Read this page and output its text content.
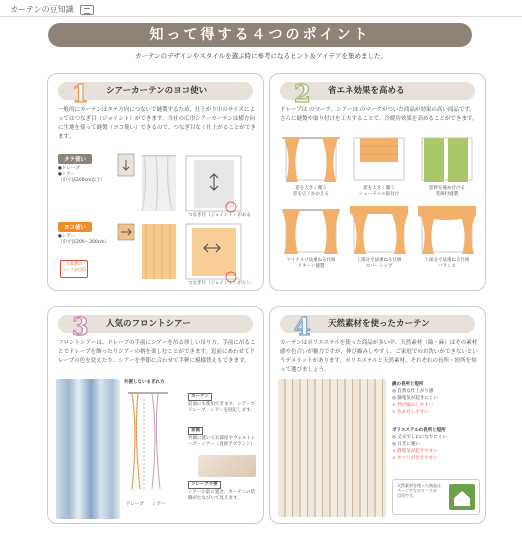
カーテンの豆知識
知って得する４つのポイント
カーテンのデザインやスタイルを選ぶ時に参考になるヒント＆アイデアを集めました。
1 シアーカーテンのヨコ使い
一般的にカーテンはタテ方向につないで縫製するため、仕上がり巾のサイズによってはつなぎ目（ジョイント）ができます。当社の広巾シアーカーテンは横方向に生地を使って縫製（ヨコ使い）できるので、つなぎ目なく仕上がることができます。
タテ使い
●ドレープ
●シアー
（巾寸法200cm以上）
ヨコ使い
●シアー
（巾寸法200～300cm）
日本製の
マークが目印
つなぎ目（ジョイント）がある
つなぎ目（ジョイント）がない
2 省エネ効果を高める
ドレープは のマーク、シアーは のマークがついた商品が効果の高い商品です。さらに縫製や取り付けを工夫することで、冷暖房効果を高めることができます。
窓を大きく覆う
窓を広くかかえる
窓を大きく覆う
シェード＋の取付け
窓枠を縫め付ける
装飾付縫製
マイナス寸法重ねる仕組
リターン縫製
上部分寸法重ねる仕組
カバートップ
上部分寸法重ねる仕組
バランス
3 人気のフロントシアー
フロントシアーは、ドレープの手前にシアーを吊る珍しい吊り方。手前に吊ることでドレープを飾ったりシアーの柄を楽しむことができます。窓前にあわせてドレープの色を変えたり、シアーを季節に合わせて手軽に模様替えもできます。
外側しないまぎれ方
ドレープ シアー
カーテン
前面にも使用できます。シアーでドレープ・シアーを固定します。
窓側
外側に置いてお部屋やウォルトレープ・シアー（直接アプランシ）
ドレープ不要
シアーの前に置き、カーテンの装飾がたなびいて見えます。
4 天然素材を使ったカーテン
カーテンはポリエステルを使った商品が多い中、天然素材（綿・麻）はその素材感や色合いが魅力ですが、伸び縮みしやすく、ご家庭でのお洗いができないというデメリットがあります。ポリエステルと天然素材、それぞれの長所・短所を知って選びましょう。
綿の長所と短所
◎ 自然な仕上がり感
◎ 静電気が起きにくい
× 伸び縮みしやすい
× 色あせしやすい
ポリエステルの長所と短所
◎ 丈夫でしわになりにくい
◎ 日光に強い
× 静電気が起きやすい
× ホコリが付きやすい
天然素材を使った商品は
ページで左のマークが
目印です。
